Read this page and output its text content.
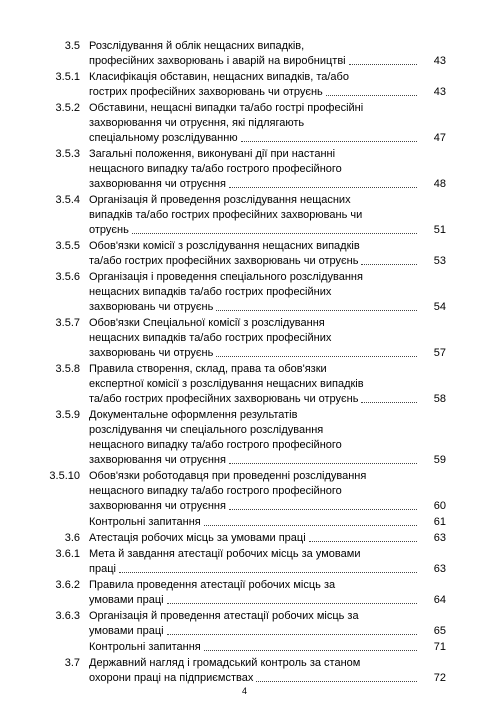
3.5 Розслідування й облік нещасних випадків,
професійних захворювань і аварій на виробництві	43
3.5.1 Класифікація обставин, нещасних випадків, та/або
гострих професійних захворювань чи отруєнь	43
3.5.2 Обставини, нещасні випадки та/або гострі професійні
захворювання чи отруєння, які підлягають
спеціальному розслідуванню	47
3.5.3 Загальні положення, виконувані дії при настанні
нещасного випадку та/або гострого професійного
захворювання чи отруєння	48
3.5.4 Організація й проведення розслідування нещасних
випадків та/або гострих професійних захворювань чи
отруєнь	51
3.5.5 Обов'язки комісії з розслідування нещасних випадків
та/або гострих професійних захворювань чи отруєнь	53
3.5.6 Організація і проведення спеціального розслідування
нещасних випадків та/або гострих професійних
захворювань чи отруєнь	54
3.5.7 Обов'язки Спеціальної комісії з розслідування
нещасних випадків та/або гострих професійних
захворювань чи отруєнь	57
3.5.8 Правила створення, склад, права та обов'язки
експертної комісії з розслідування нещасних випадків
та/або гострих професійних захворювань чи отруєнь	58
3.5.9 Документальне оформлення результатів
розслідування чи спеціального розслідування
нещасного випадку та/або гострого професійного
захворювання чи отруєння	59
3.5.10 Обов'язки роботодавця при проведенні розслідування
нещасного випадку та/або гострого професійного
захворювання чи отруєння	60
Контрольні запитання	61
3.6 Атестація робочих місць за умовами праці	63
3.6.1 Мета й завдання атестації робочих місць за умовами
праці	63
3.6.2 Правила проведення атестації робочих місць за
умовами праці	64
3.6.3 Організація й проведення атестації робочих місць за
умовами праці	65
Контрольні запитання	71
3.7 Державний нагляд і громадський контроль за станом
охорони праці на підприємствах	72
4
